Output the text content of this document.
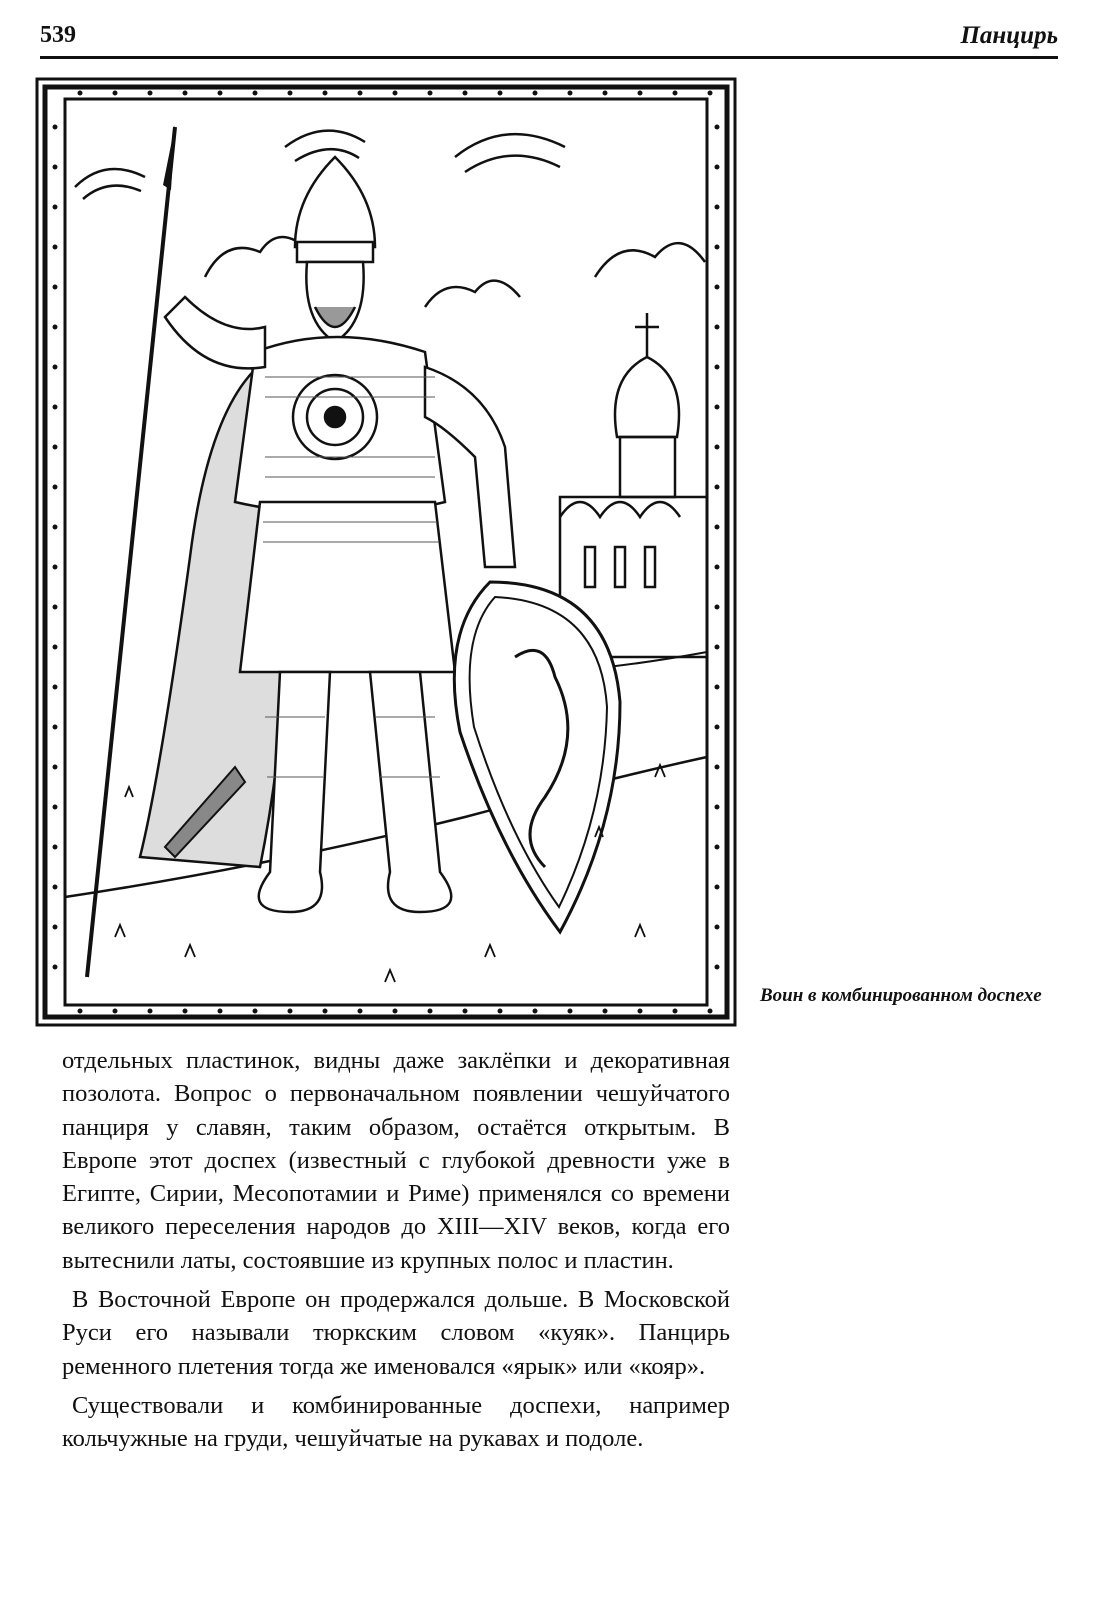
539	Панцирь
Воин в комбинированном доспехе

отдельных пластинок, видны даже заклёпки и декоративная позолота. Вопрос о первоначальном появлении чешуйчатого панциря у славян, таким образом, остаётся открытым. В Европе этот доспех (известный с глубокой древности уже в Египте, Сирии, Месопотамии и Риме) применялся со времени великого переселения народов до XIII—XIV веков, когда его вытеснили латы, состоявшие из крупных полос и пластин.

В Восточной Европе он продержался дольше. В Московской Руси его называли тюркским словом «куяк». Панцирь ременного плетения тогда же именовался «ярык» или «кояр».

Существовали и комбинированные доспехи, например кольчужные на груди, чешуйчатые на рукавах и подоле.
